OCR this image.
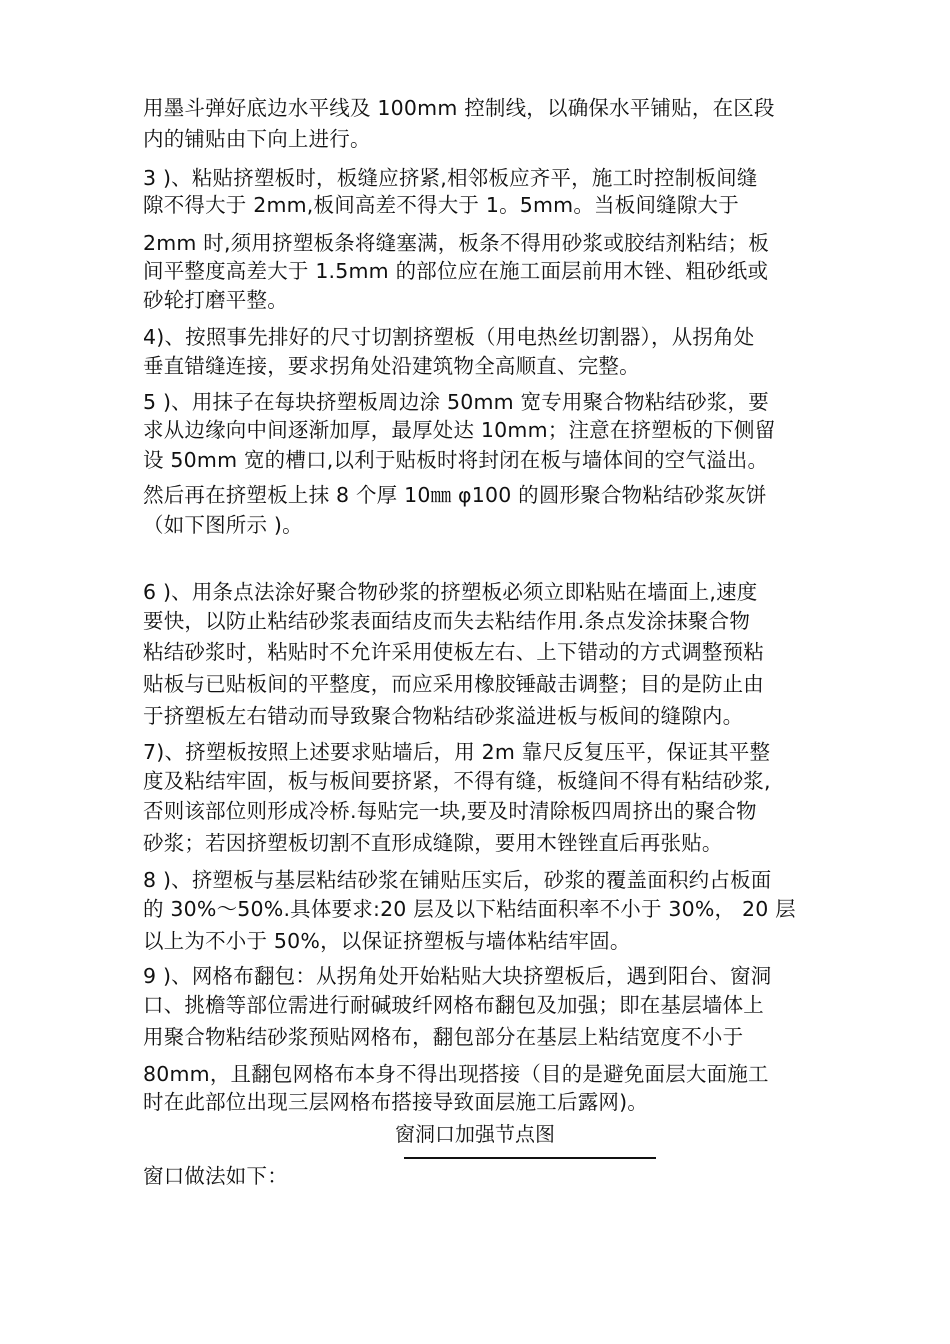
用墨斗弹好底边水平线及 100mm 控制线，以确保水平铺贴，在区段
内的铺贴由下向上进行。
3 )、粘贴挤塑板时，板缝应挤紧,相邻板应齐平，施工时控制板间缝
隙不得大于 2mm,板间高差不得大于 1。5mm。当板间缝隙大于
2mm 时,须用挤塑板条将缝塞满，板条不得用砂浆或胶结剂粘结；板
间平整度高差大于 1.5mm 的部位应在施工面层前用木锉、粗砂纸或
砂轮打磨平整。
4)、按照事先排好的尺寸切割挤塑板（用电热丝切割器），从拐角处
垂直错缝连接，要求拐角处沿建筑物全高顺直、完整。
5 )、用抹子在每块挤塑板周边涂 50mm 宽专用聚合物粘结砂浆，要
求从边缘向中间逐渐加厚，最厚处达 10mm；注意在挤塑板的下侧留
设 50mm 宽的槽口,以利于贴板时将封闭在板与墙体间的空气溢出。
然后再在挤塑板上抹 8 个厚 10㎜ φ100 的圆形聚合物粘结砂浆灰饼
（如下图所示 )。
6 )、用条点法涂好聚合物砂浆的挤塑板必须立即粘贴在墙面上,速度
要快，以防止粘结砂浆表面结皮而失去粘结作用.条点发涂抹聚合物
粘结砂浆时，粘贴时不允许采用使板左右、上下错动的方式调整预粘
贴板与已贴板间的平整度，而应采用橡胶锤敲击调整；目的是防止由
于挤塑板左右错动而导致聚合物粘结砂浆溢进板与板间的缝隙内。
7)、挤塑板按照上述要求贴墙后，用 2m 靠尺反复压平，保证其平整
度及粘结牢固，板与板间要挤紧，不得有缝，板缝间不得有粘结砂浆,
否则该部位则形成冷桥.每贴完一块,要及时清除板四周挤出的聚合物
砂浆；若因挤塑板切割不直形成缝隙，要用木锉锉直后再张贴。
8 )、挤塑板与基层粘结砂浆在铺贴压实后，砂浆的覆盖面积约占板面
的 30%～50%.具体要求:20 层及以下粘结面积率不小于 30%， 20 层
以上为不小于 50%，以保证挤塑板与墙体粘结牢固。
9 )、网格布翻包：从拐角处开始粘贴大块挤塑板后，遇到阳台、窗洞
口、挑檐等部位需进行耐碱玻纤网格布翻包及加强；即在基层墙体上
用聚合物粘结砂浆预贴网格布，翻包部分在基层上粘结宽度不小于
80mm，且翻包网格布本身不得出现搭接（目的是避免面层大面施工
时在此部位出现三层网格布搭接导致面层施工后露网)。
窗洞口加强节点图
窗口做法如下：
